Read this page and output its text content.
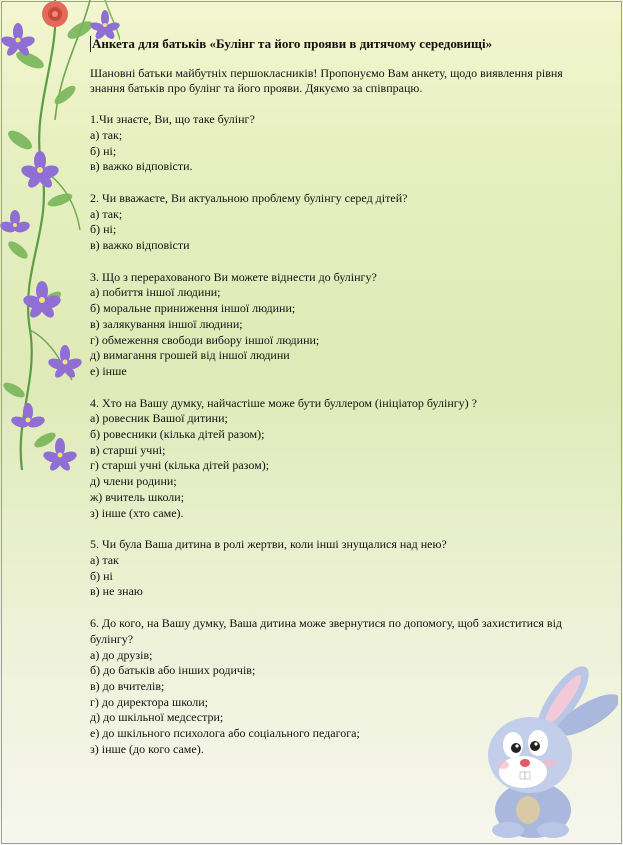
Анкета для батьків «Булінг та його прояви в дитячому середовищі»

Шановні батьки майбутніх першокласників! Пропонуємо Вам анкету, щодо виявлення рівня знання батьків про булінг та його прояви. Дякуємо за співпрацю.

1.Чи знаєте, Ви, що таке булінг?

а) так;

б) ні;

в) важко відповісти.

2. Чи вважаєте, Ви актуальною проблему булінгу серед дітей?

а) так;

б) ні;

в) важко відповісти

3. Що з перерахованого Ви можете віднести до булінгу?

а) побиття іншої людини;

б) моральне приниження іншої людини;

в) залякування іншої людини;

г) обмеження свободи вибору іншої людини;

д) вимагання грошей від іншої людини

е) інше

4. Хто на Вашу думку, найчастіше може бути буллером (ініціатор булінгу) ?

а) ровесник Вашої дитини;

б) ровесники (кілька дітей разом);

в) старші учні;

г) старші учні (кілька дітей разом);

д) члени родини;

ж) вчитель школи;

з) інше (хто саме).

5. Чи була Ваша дитина в ролі жертви, коли інші знущалися над нею?

а) так

б) ні

в) не знаю

6. До кого, на Вашу думку, Ваша дитина може звернутися по допомогу, щоб захиститися від булінгу?

а) до друзів;

б) до батьків або інших родичів;

в) до вчителів;

г) до директора школи;

д) до шкільної медсестри;

е) до шкільного психолога або соціального педагога;

з) інше (до кого саме).
